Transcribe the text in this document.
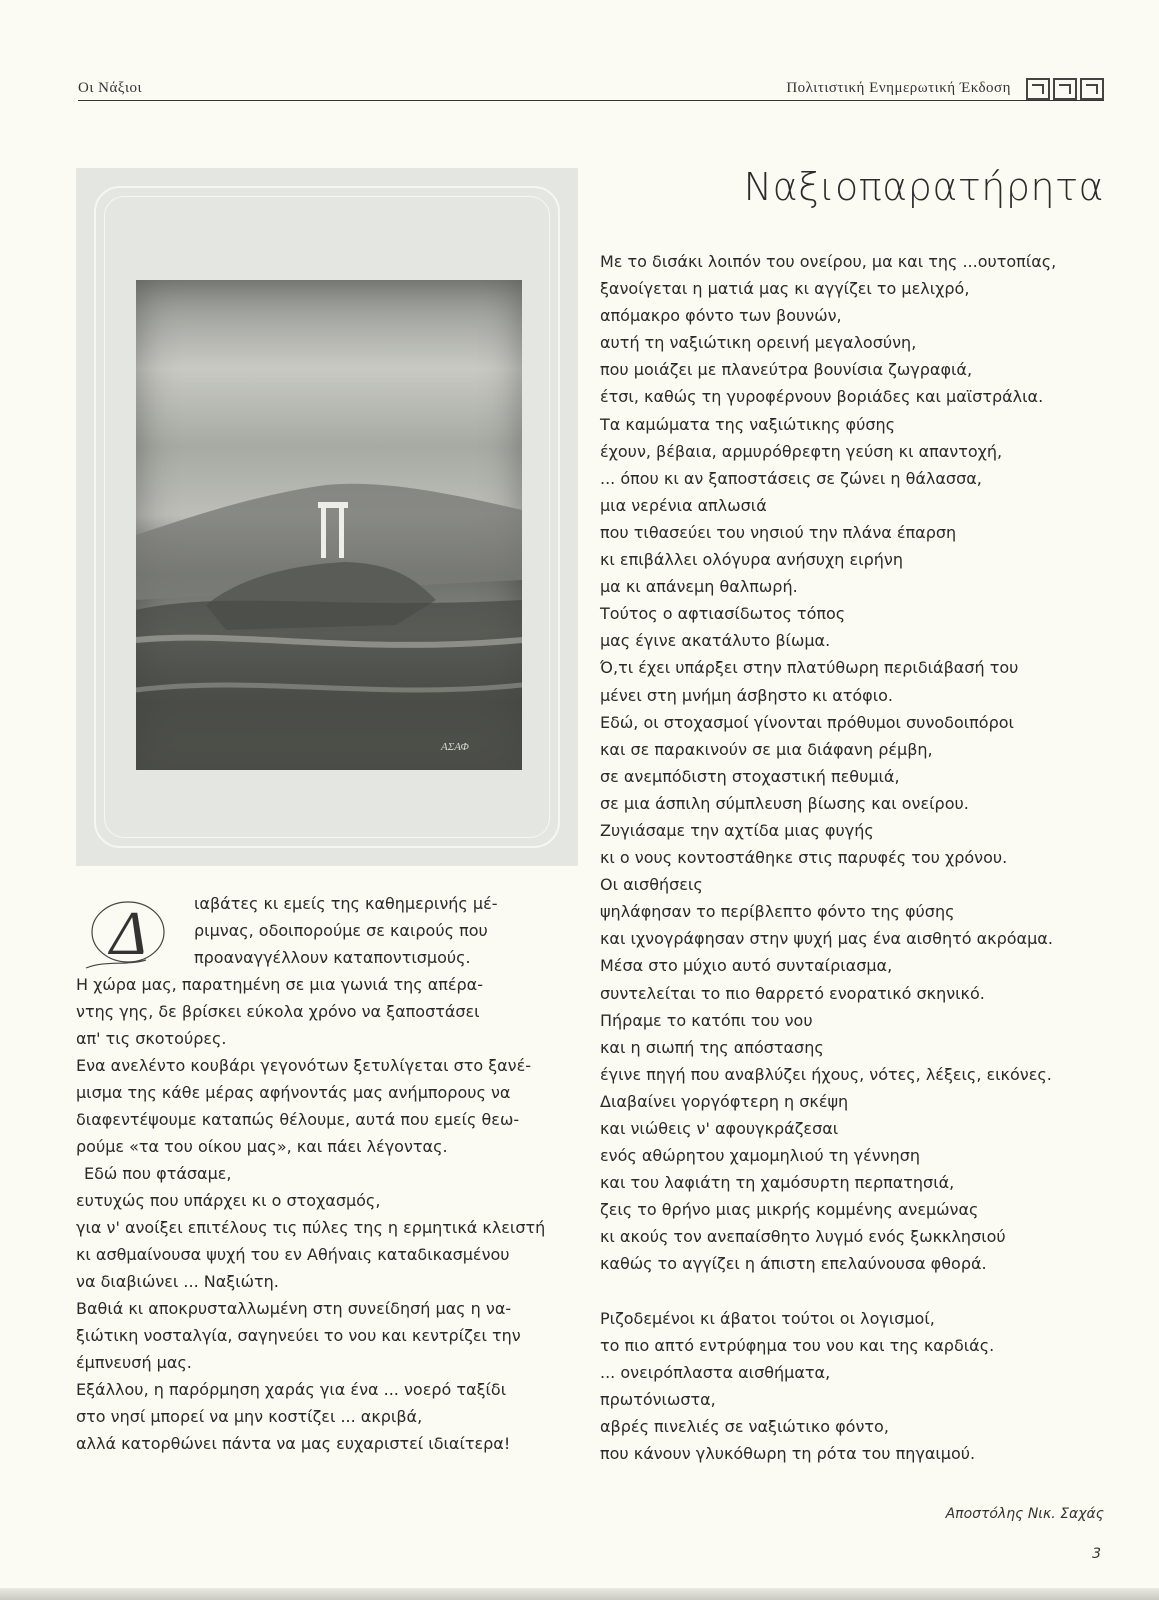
Οι Νάξιοι	Πολιτιστική Ενημερωτική Έκδοση
Ναξιοπαρατήρητα
ΑΣΑΦ
Δ	ιαβάτες κι εμείς της καθημερινής μέ-

ριμνας, οδοιπορούμε σε καιρούς που

προαναγγέλλουν καταποντισμούς.

Η χώρα μας, παρατημένη σε μια γωνιά της απέρα-

ντης γης, δε βρίσκει εύκολα χρόνο να ξαποστάσει

απ' τις σκοτούρες.

Ενα ανελέντο κουβάρι γεγονότων ξετυλίγεται στο ξανέ-

μισμα της κάθε μέρας αφήνοντάς μας ανήμπορους να

διαφεντέψουμε καταπώς θέλουμε, αυτά που εμείς θεω-

ρούμε «τα του οίκου μας», και πάει λέγοντας.

Εδώ που φτάσαμε,

ευτυχώς που υπάρχει κι ο στοχασμός,

για ν' ανοίξει επιτέλους τις πύλες της η ερμητικά κλειστή

κι ασθμαίνουσα ψυχή του εν Αθήναις καταδικασμένου

να διαβιώνει ... Ναξιώτη.

Βαθιά κι αποκρυσταλλωμένη στη συνείδησή μας η να-

ξιώτικη νοσταλγία, σαγηνεύει το νου και κεντρίζει την

έμπνευσή μας.

Εξάλλου, η παρόρμηση χαράς για ένα ... νοερό ταξίδι

στο νησί μπορεί να μην κοστίζει ... ακριβά,

αλλά κατορθώνει πάντα να μας ευχαριστεί ιδιαίτερα!

Με το δισάκι λοιπόν του ονείρου, μα και της ...ουτοπίας,

ξανοίγεται η ματιά μας κι αγγίζει το μελιχρό,

απόμακρο φόντο των βουνών,

αυτή τη ναξιώτικη ορεινή μεγαλοσύνη,

που μοιάζει με πλανεύτρα βουνίσια ζωγραφιά,

έτσι, καθώς τη γυροφέρνουν βοριάδες και μαϊστράλια.

Τα καμώματα της ναξιώτικης φύσης

έχουν, βέβαια, αρμυρόθρεφτη γεύση κι απαντοχή,

... όπου κι αν ξαποστάσεις σε ζώνει η θάλασσα,

μια νερένια απλωσιά

που τιθασεύει του νησιού την πλάνα έπαρση

κι επιβάλλει ολόγυρα ανήσυχη ειρήνη

μα κι απάνεμη θαλπωρή.

Τούτος ο αφτιασίδωτος τόπος

μας έγινε ακατάλυτο βίωμα.

Ό,τι έχει υπάρξει στην πλατύθωρη περιδιάβασή του

μένει στη μνήμη άσβηστο κι ατόφιο.

Εδώ, οι στοχασμοί γίνονται πρόθυμοι συνοδοιπόροι

και σε παρακινούν σε μια διάφανη ρέμβη,

σε ανεμπόδιστη στοχαστική πεθυμιά,

σε μια άσπιλη σύμπλευση βίωσης και ονείρου.

Ζυγιάσαμε την αχτίδα μιας φυγής

κι ο νους κοντοστάθηκε στις παρυφές του χρόνου.

Οι αισθήσεις

ψηλάφησαν το περίβλεπτο φόντο της φύσης

και ιχνογράφησαν στην ψυχή μας ένα αισθητό ακρόαμα.

Μέσα στο μύχιο αυτό συνταίριασμα,

συντελείται το πιο θαρρετό ενορατικό σκηνικό.

Πήραμε το κατόπι του νου

και η σιωπή της απόστασης

έγινε πηγή που αναβλύζει ήχους, νότες, λέξεις, εικόνες.

Διαβαίνει γοργόφτερη η σκέψη

και νιώθεις ν' αφουγκράζεσαι

ενός αθώρητου χαμομηλιού τη γέννηση

και του λαφιάτη τη χαμόσυρτη περπατησιά,

ζεις το θρήνο μιας μικρής κομμένης ανεμώνας

κι ακούς τον ανεπαίσθητο λυγμό ενός ξωκκλησιού

καθώς το αγγίζει η άπιστη επελαύνουσα φθορά.

Ριζοδεμένοι κι άβατοι τούτοι οι λογισμοί,

το πιο απτό εντρύφημα του νου και της καρδιάς.

... ονειρόπλαστα αισθήματα,

πρωτόνιωστα,

αβρές πινελιές σε ναξιώτικο φόντο,

που κάνουν γλυκόθωρη τη ρότα του πηγαιμού.

Αποστόλης Νικ. Σαχάς
3
